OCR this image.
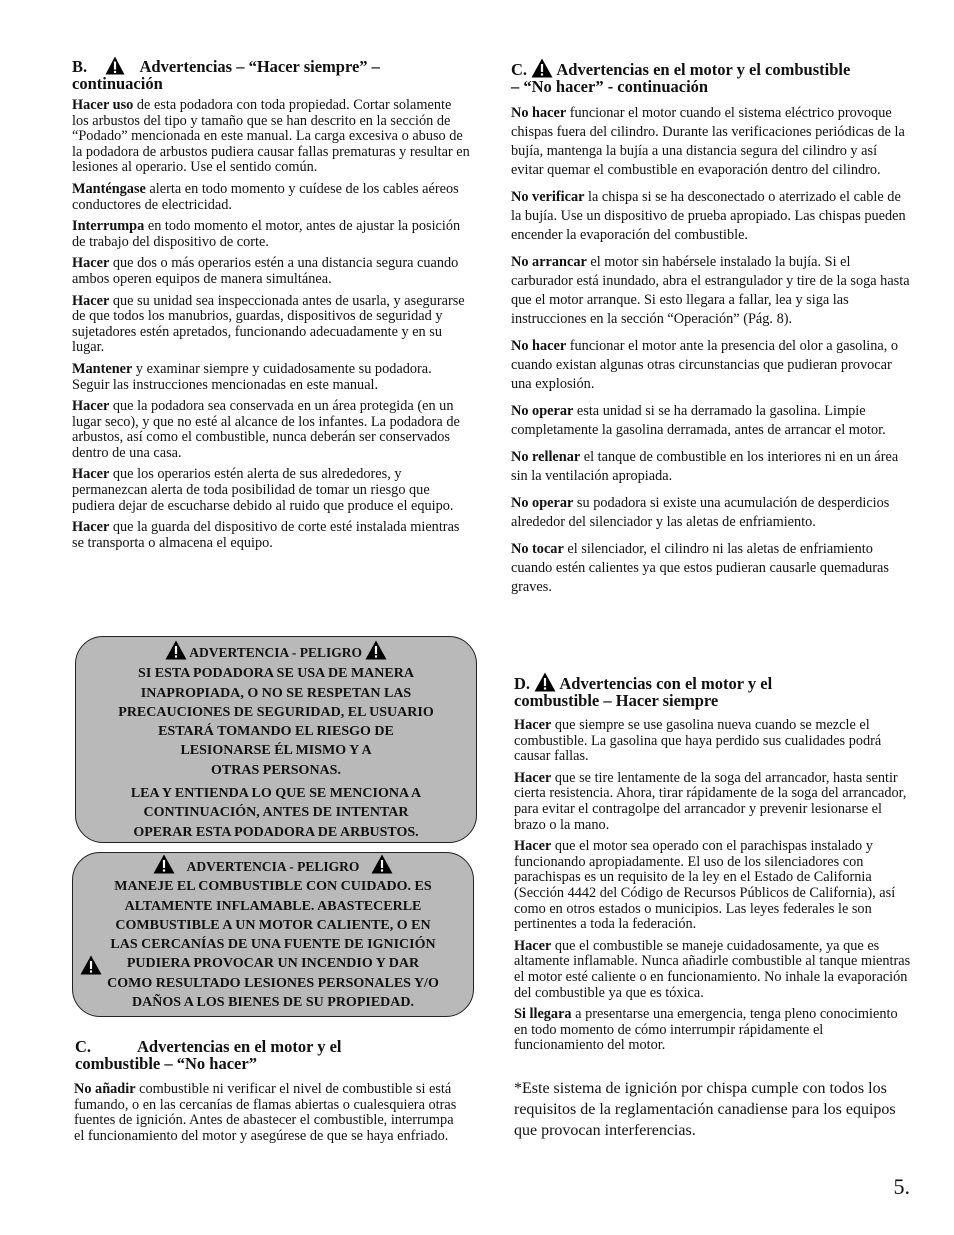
B.	Advertencias – “Hacer siempre” – continuación

Hacer uso de esta podadora con toda propiedad. Cortar solamente los arbustos del tipo y tamaño que se han descrito en la sección de “Podado” mencionada en este manual. La carga excesiva o abuso de la podadora de arbustos pudiera causar fallas prematuras y resultar en lesiones al operario. Use el sentido común.

Manténgase alerta en todo momento y cuídese de los cables aéreos conductores de electricidad.

Interrumpa en todo momento el motor, antes de ajustar la posición de trabajo del dispositivo de corte.

Hacer que dos o más operarios estén a una distancia segura cuando ambos operen equipos de manera simultánea.

Hacer que su unidad sea inspeccionada antes de usarla, y asegurarse de que todos los manubrios, guardas, dispositivos de seguridad y sujetadores estén apretados, funcionando adecuadamente y en su lugar.

Mantener y examinar siempre y cuidadosamente su podadora. Seguir las instrucciones mencionadas en este manual.

Hacer que la podadora sea conservada en un área protegida (en un lugar seco), y que no esté al alcance de los infantes. La podadora de arbustos, así como el combustible, nunca deberán ser conservados dentro de una casa.

Hacer que los operarios estén alerta de sus alrededores, y permanezcan alerta de toda posibilidad de tomar un riesgo que pudiera dejar de escucharse debido al ruido que produce el equipo.

Hacer que la guarda del dispositivo de corte esté instalada mientras se transporta o almacena el equipo.

ADVERTENCIA - PELIGRO

SI ESTA PODADORA SE USA DE MANERA
INAPROPIADA, O NO SE RESPETAN LAS
PRECAUCIONES DE SEGURIDAD, EL USUARIO
ESTARÁ TOMANDO EL RIESGO DE
LESIONARSE ÉL MISMO Y A
OTRAS PERSONAS.

LEA Y ENTIENDA LO QUE SE MENCIONA A
CONTINUACIÓN, ANTES DE INTENTAR
OPERAR ESTA PODADORA DE ARBUSTOS.

ADVERTENCIA - PELIGRO

MANEJE EL COMBUSTIBLE CON CUIDADO. ES
ALTAMENTE INFLAMABLE. ABASTECERLE
COMBUSTIBLE A UN MOTOR CALIENTE, O EN
LAS CERCANÍAS DE UNA FUENTE DE IGNICIÓN
PUDIERA PROVOCAR UN INCENDIO Y DAR
COMO RESULTADO LESIONES PERSONALES Y/O
DAÑOS A LOS BIENES DE SU PROPIEDAD.

C.	Advertencias en el motor y el
combustible – “No hacer”

No añadir combustible ni verificar el nivel de combustible si está fumando, o en las cercanías de flamas abiertas o cualesquiera otras fuentes de ignición. Antes de abastecer el combustible, interrumpa el funcionamiento del motor y asegúrese de que se haya enfriado.

C. Advertencias en el motor y el combustible
– “No hacer” - continuación

No hacer funcionar el motor cuando el sistema eléctrico provoque chispas fuera del cilindro. Durante las verificaciones periódicas de la bujía, mantenga la bujía a una distancia segura del cilindro y así evitar quemar el combustible en evaporación dentro del cilindro.

No verificar la chispa si se ha desconectado o aterrizado el cable de la bujía. Use un dispositivo de prueba apropiado. Las chispas pueden encender la evaporación del combustible.

No arrancar el motor sin habérsele instalado la bujía. Si el carburador está inundado, abra el estrangulador y tire de la soga hasta que el motor arranque. Si esto llegara a fallar, lea y siga las instrucciones en la sección “Operación” (Pág. 8).

No hacer funcionar el motor ante la presencia del olor a gasolina, o cuando existan algunas otras circunstancias que pudieran provocar una explosión.

No operar esta unidad si se ha derramado la gasolina. Limpie completamente la gasolina derramada, antes de arrancar el motor.

No rellenar el tanque de combustible en los interiores ni en un área sin la ventilación apropiada.

No operar su podadora si existe una acumulación de desperdicios alrededor del silenciador y las aletas de enfriamiento.

No tocar el silenciador, el cilindro ni las aletas de enfriamiento cuando estén calientes ya que estos pudieran causarle quemaduras graves.

D. Advertencias con el motor y el
combustible – Hacer siempre

Hacer que siempre se use gasolina nueva cuando se mezcle el combustible. La gasolina que haya perdido sus cualidades podrá causar fallas.

Hacer que se tire lentamente de la soga del arrancador, hasta sentir cierta resistencia. Ahora, tirar rápidamente de la soga del arrancador, para evitar el contragolpe del arrancador y prevenir lesionarse el brazo o la mano.

Hacer que el motor sea operado con el parachispas instalado y funcionando apropiadamente. El uso de los silenciadores con parachispas es un requisito de la ley en el Estado de California (Sección 4442 del Código de Recursos Públicos de California), así como en otros estados o municipios. Las leyes federales le son pertinentes a toda la federación.

Hacer que el combustible se maneje cuidadosamente, ya que es altamente inflamable. Nunca añadirle combustible al tanque mientras el motor esté caliente o en funcionamiento. No inhale la evaporación del combustible ya que es tóxica.

Si llegara a presentarse una emergencia, tenga pleno conocimiento en todo momento de cómo interrumpir rápidamente el funcionamiento del motor.

*Este sistema de ignición por chispa cumple con todos los requisitos de la reglamentación canadiense para los equipos que provocan interferencias.

5.
